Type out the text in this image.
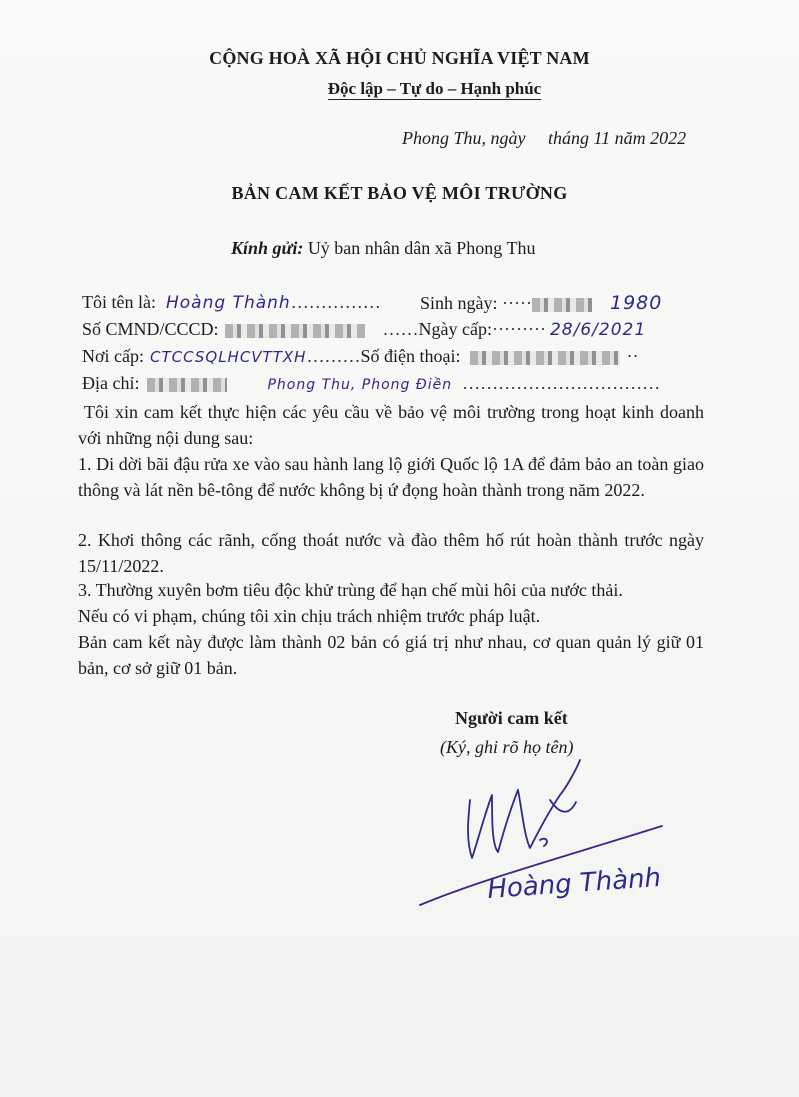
CỘNG HOÀ XÃ HỘI CHỦ NGHĨA VIỆT NAM
Độc lập – Tự do – Hạnh phúc
Phong Thu, ngày     tháng 11 năm 2022
BẢN CAM KẾT BẢO VỆ MÔI TRƯỜNG
Kính gửi: Uỷ ban nhân dân xã Phong Thu
Tôi tên là: Hoàng Thành…………… Sinh ngày: ·····	1980
Số CMND/CCCD:	……Ngày cấp:········· 28/6/2021
Nơi cấp: CTCCSQLHCVTTXH………Số điện thoại:	··
Địa chỉ:	Phong Thu, Phong Điền ……………………………
Tôi xin cam kết thực hiện các yêu cầu về bảo vệ môi trường trong hoạt kinh doanh với những nội dung sau:
1. Di dời bãi đậu rửa xe vào sau hành lang lộ giới Quốc lộ 1A để đảm bảo an toàn giao thông và lát nền bê-tông để nước không bị ứ đọng hoàn thành trong năm 2022.
2. Khơi thông các rãnh, cống thoát nước và đào thêm hố rút hoàn thành trước ngày 15/11/2022.
3. Thường xuyên bơm tiêu độc khử trùng để hạn chế mùi hôi của nước thải.
Nếu có vi phạm, chúng tôi xin chịu trách nhiệm trước pháp luật.
Bản cam kết này được làm thành 02 bản có giá trị như nhau, cơ quan quản lý giữ 01 bản, cơ sở giữ 01 bản.
Người cam kết
(Ký, ghi rõ họ tên)
Hoàng Thành
